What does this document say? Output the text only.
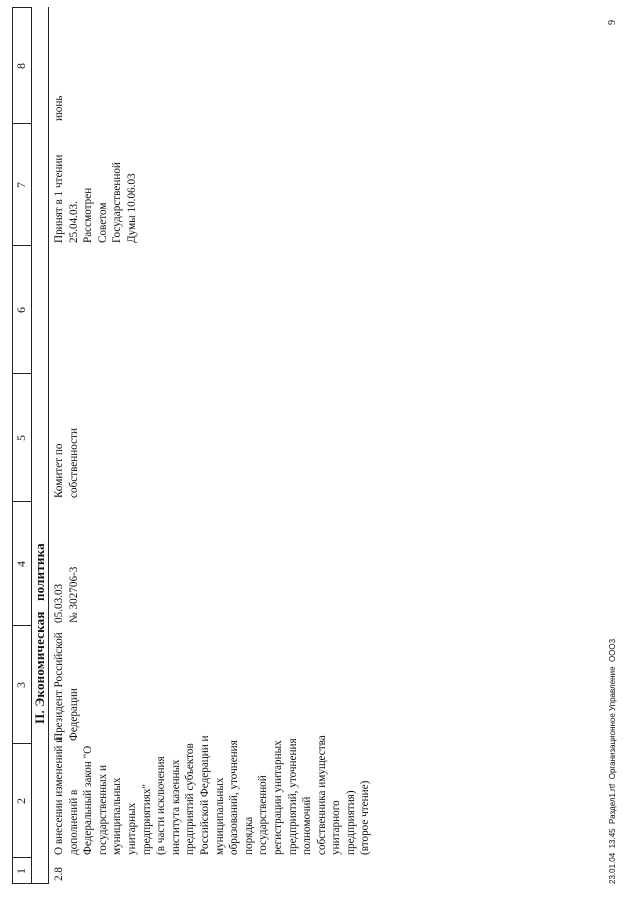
1
2
3
4
5
6
7
8
II. Экономическая   политика
2.8
О внесении изменений и дополнений в Федеральный закон "О государственных и муниципальных унитарных предприятиях" (в части исключения института казенных предприятий субъектов Российской Федерации и муниципальных образований, уточнения порядка государственной регистрации унитарных предприятий, уточнения полномочий собственника имущества унитарного предприятия) (второе чтение)
Президент Российской Федерации
05.03.03 № 302706-3
Комитет по собственности
Принят в 1 чтении 25.04.03. Рассмотрен Советом Государственной Думы 10.06.03
июнь
23.01.04  13.45  Раздел1.rtf  Организационное Управление  ООО3
9
